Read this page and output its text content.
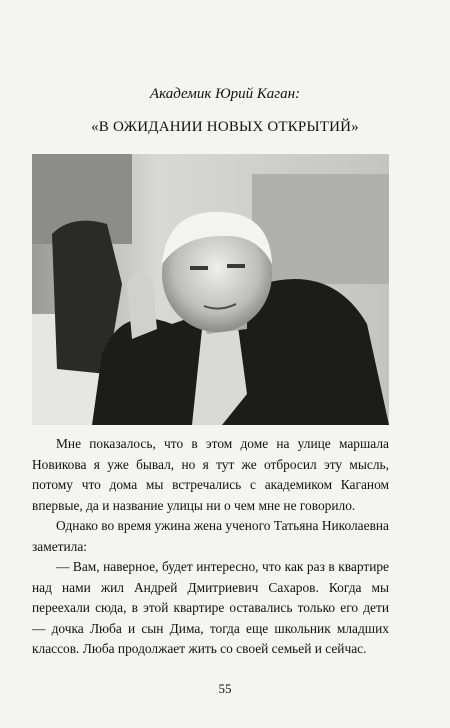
Академик Юрий Каган:
«В ОЖИДАНИИ НОВЫХ ОТКРЫТИЙ»

Мне показалось, что в этом доме на улице маршала Новикова я уже бывал, но я тут же отбросил эту мысль, потому что дома мы встречались с академиком Каганом впервые, да и название улицы ни о чем мне не говорило.

Однако во время ужина жена ученого Татьяна Николаевна заметила:

— Вам, наверное, будет интересно, что как раз в квартире над нами жил Андрей Дмитриевич Сахаров. Когда мы переехали сюда, в этой квартире оставались только его дети — дочка Люба и сын Дима, тогда еще школьник младших классов. Люба продолжает жить со своей семьей и сейчас.

55
